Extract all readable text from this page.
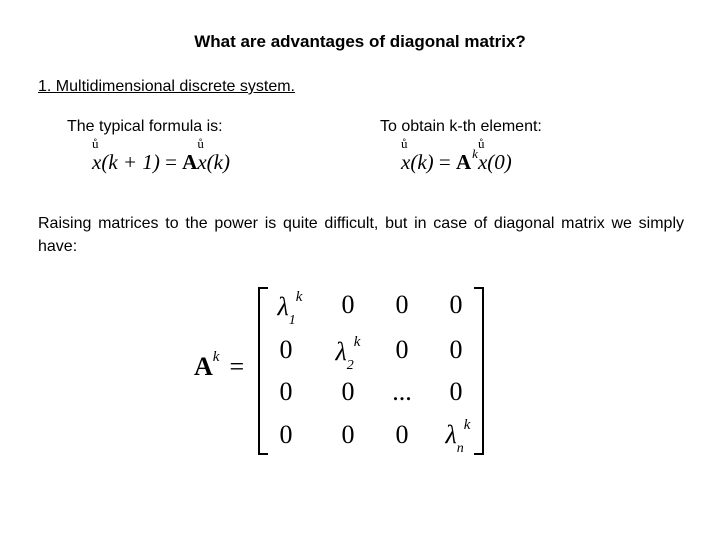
What are advantages of diagonal matrix?
1. Multidimensional discrete system.
The typical formula is:	To obtain k-th element:
ů
x(k + 1) = A
ů
x(k)
ů
$x(k) = A^k$
ů
x(0)
Raising matrices to the power is quite difficult, but in case of diagonal matrix we simply have:
$A^k$ =
$\lambda_1^k$	0	0	0
0	$\lambda_2^k$	0	0
0	0	...	0
0	0	0	$\lambda_n^k$
